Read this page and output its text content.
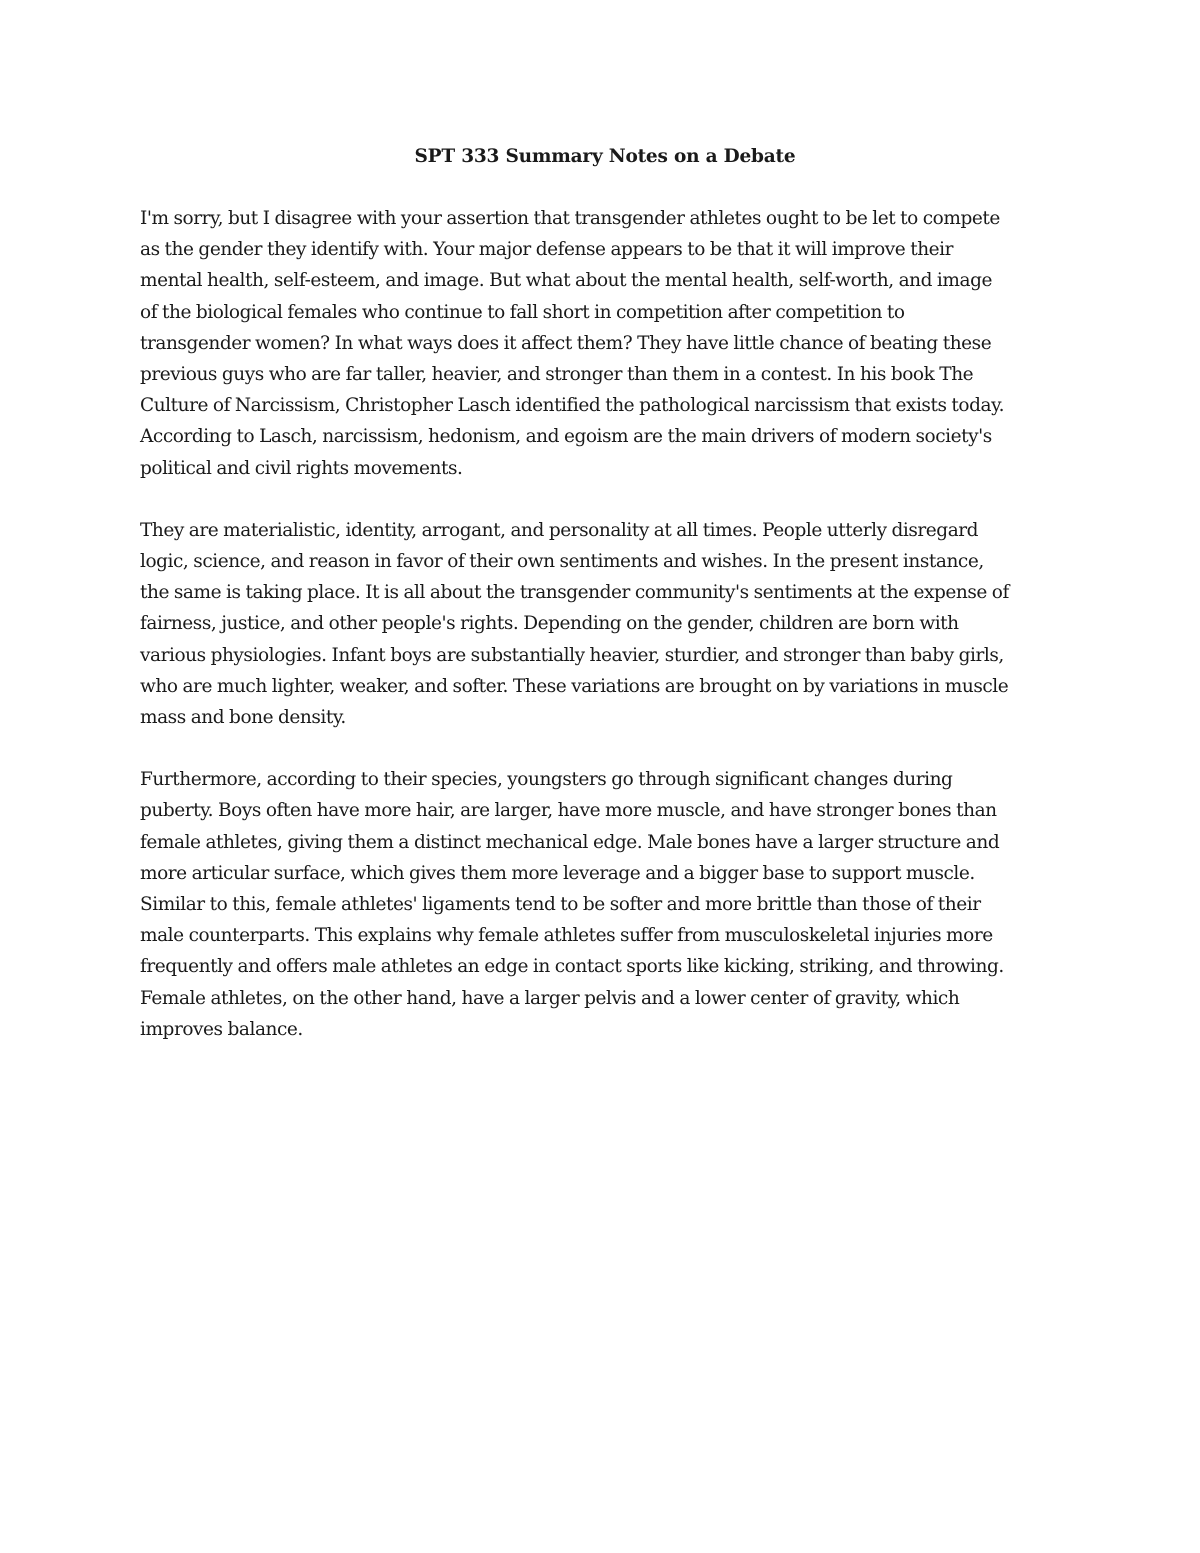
SPT 333 Summary Notes on a Debate
I'm sorry, but I disagree with your assertion that transgender athletes ought to be let to compete
as the gender they identify with. Your major defense appears to be that it will improve their
mental health, self-esteem, and image. But what about the mental health, self-worth, and image
of the biological females who continue to fall short in competition after competition to
transgender women? In what ways does it affect them? They have little chance of beating these
previous guys who are far taller, heavier, and stronger than them in a contest. In his book The
Culture of Narcissism, Christopher Lasch identified the pathological narcissism that exists today.
According to Lasch, narcissism, hedonism, and egoism are the main drivers of modern society's
political and civil rights movements.
They are materialistic, identity, arrogant, and personality at all times. People utterly disregard
logic, science, and reason in favor of their own sentiments and wishes. In the present instance,
the same is taking place. It is all about the transgender community's sentiments at the expense of
fairness, justice, and other people's rights. Depending on the gender, children are born with
various physiologies. Infant boys are substantially heavier, sturdier, and stronger than baby girls,
who are much lighter, weaker, and softer. These variations are brought on by variations in muscle
mass and bone density.
Furthermore, according to their species, youngsters go through significant changes during
puberty. Boys often have more hair, are larger, have more muscle, and have stronger bones than
female athletes, giving them a distinct mechanical edge. Male bones have a larger structure and
more articular surface, which gives them more leverage and a bigger base to support muscle.
Similar to this, female athletes' ligaments tend to be softer and more brittle than those of their
male counterparts. This explains why female athletes suffer from musculoskeletal injuries more
frequently and offers male athletes an edge in contact sports like kicking, striking, and throwing.
Female athletes, on the other hand, have a larger pelvis and a lower center of gravity, which
improves balance.
